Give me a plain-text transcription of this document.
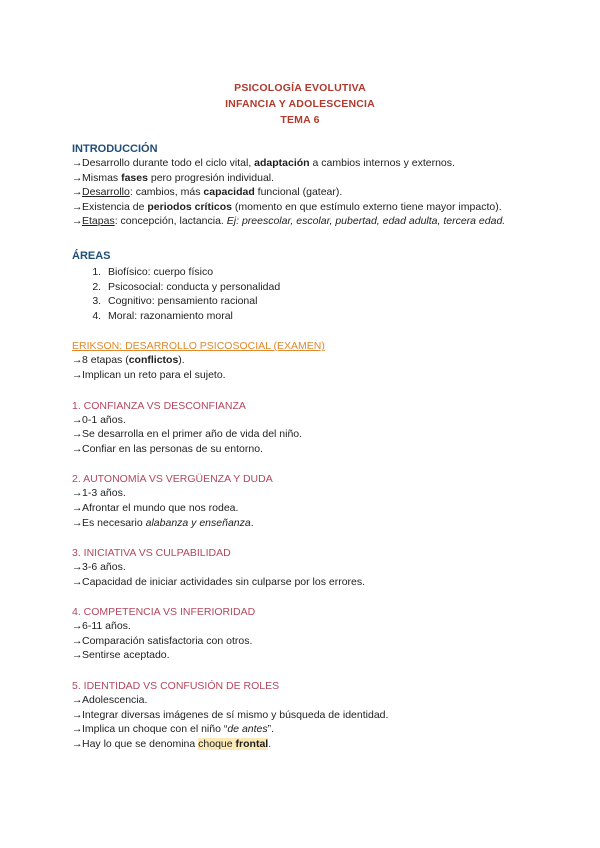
PSICOLOGÍA EVOLUTIVA
INFANCIA Y ADOLESCENCIA
TEMA 6
INTRODUCCIÓN

→Desarrollo durante todo el ciclo vital, adaptación a cambios internos y externos.

→Mismas fases pero progresión individual.

→Desarrollo: cambios, más capacidad funcional (gatear).

→Existencia de periodos críticos (momento en que estímulo externo tiene mayor impacto).

→Etapas: concepción, lactancia. Ej: preescolar, escolar, pubertad, edad adulta, tercera edad.

ÁREAS
1. Biofísico: cuerpo físico
2. Psicosocial: conducta y personalidad
3. Cognitivo: pensamiento racional
4. Moral: razonamiento moral
ERIKSON: DESARROLLO PSICOSOCIAL (EXAMEN)

→8 etapas (conflictos).

→Implican un reto para el sujeto.

1. CONFIANZA VS DESCONFIANZA

→0-1 años.

→Se desarrolla en el primer año de vida del niño.

→Confiar en las personas de su entorno.

2. AUTONOMÍA VS VERGÜENZA Y DUDA

→1-3 años.

→Afrontar el mundo que nos rodea.

→Es necesario alabanza y enseñanza.

3. INICIATIVA VS CULPABILIDAD

→3-6 años.

→Capacidad de iniciar actividades sin culparse por los errores.

4. COMPETENCIA VS INFERIORIDAD

→6-11 años.

→Comparación satisfactoria con otros.

→Sentirse aceptado.

5. IDENTIDAD VS CONFUSIÓN DE ROLES

→Adolescencia.

→Integrar diversas imágenes de sí mismo y búsqueda de identidad.

→Implica un choque con el niño “de antes”.

→Hay lo que se denomina choque frontal.
